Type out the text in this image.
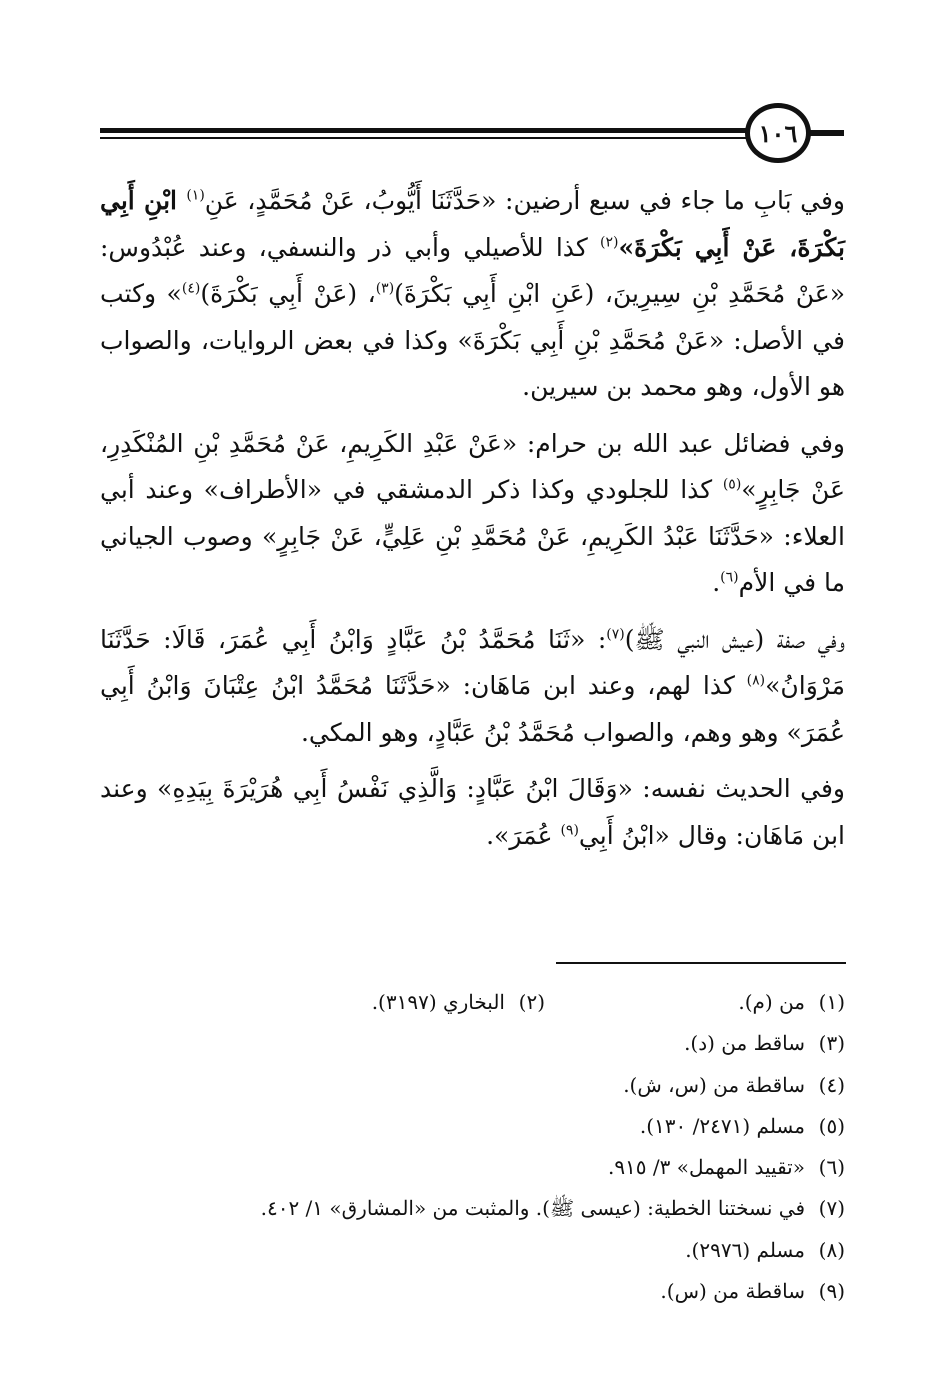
١٠٦

وفي بَابِ ما جاء في سبع أرضين: «حَدَّثَنَا أَيُّوبُ، عَنْ مُحَمَّدٍ، عَنِ$^{(١)}$ ابْنِ أَبِي بَكْرَةَ، عَنْ أَبِي بَكْرَةَ»$^{(٢)}$ كذا للأصيلي وأبي ذر والنسفي، وعند عُبْدُوس: «عَنْ مُحَمَّدِ بْنِ سِيرِينَ، (عَنِ ابْنِ أَبِي بَكْرَةَ)$^{(٣)}$، (عَنْ أَبِي بَكْرَةَ)$^{(٤)}$» وكتب في الأصل: «عَنْ مُحَمَّدِ بْنِ أَبِي بَكْرَةَ» وكذا في بعض الروايات، والصواب هو الأول، وهو محمد بن سيرين.

وفي فضائل عبد الله بن حرام: «عَنْ عَبْدِ الكَرِيمِ، عَنْ مُحَمَّدِ بْنِ المُنْكَدِرِ، عَنْ جَابِرٍ»$^{(٥)}$ كذا للجلودي وكذا ذكر الدمشقي في «الأطراف» وعند أبي العلاء: «حَدَّثَنَا عَبْدُ الكَرِيمِ، عَنْ مُحَمَّدِ بْنِ عَلِيٍّ، عَنْ جَابِرٍ» وصوب الجياني ما في الأم$^{(٦)}$.

وفي صفة (عيش النبي ﷺ)$^{(٧)}$: «ثَنَا مُحَمَّدُ بْنُ عَبَّادٍ وَابْنُ أَبِي عُمَرَ، قَالَا: حَدَّثَنَا مَرْوَانُ»$^{(٨)}$ كذا لهم، وعند ابن مَاهَان: «حَدَّثَنَا مُحَمَّدُ ابْنُ عِتْبَانَ وَابْنُ أَبِي عُمَرَ» وهو وهم، والصواب مُحَمَّدُ بْنُ عَبَّادٍ، وهو المكي.

وفي الحديث نفسه: «وَقَالَ ابْنُ عَبَّادٍ: وَالَّذِي نَفْسُ أَبِي هُرَيْرَةَ بِيَدِهِ» وعند ابن مَاهَان: وقال «ابْنُ أَبِي$^{(٩)}$ عُمَرَ».

(١)
من (م).
(٢)
البخاري (٣١٩٧).
(٣)
ساقط من (د).
(٤)
ساقطة من (س، ش).
(٥)
مسلم (٢٤٧١/ ١٣٠).
(٦)
«تقييد المهمل» ٣/ ٩١٥.
(٧)
في نسختنا الخطية: (عيسى ﷺ). والمثبت من «المشارق» ١/ ٤٠٢.
(٨)
مسلم (٢٩٧٦).
(٩)
ساقطة من (س).
